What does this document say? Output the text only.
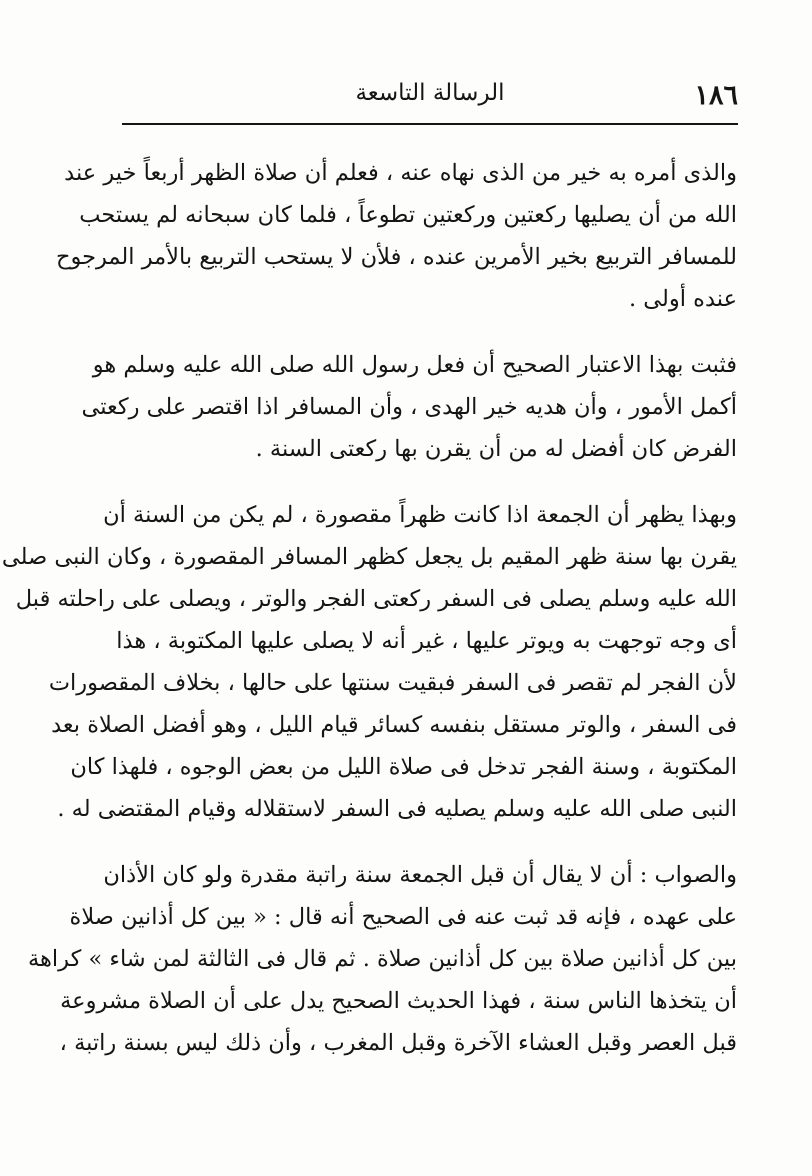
١٨٦
الرسالة التاسعة
والذى أمره به خير من الذى نهاه عنه ، فعلم أن صلاة الظهر أربعاً خير عند
الله من أن يصليها ركعتين وركعتين تطوعاً ، فلما كان سبحانه لم يستحب
للمسافر التربيع بخير الأمرين عنده ، فلأن لا يستحب التربيع بالأمر المرجوح
عنده أولى .
فثبت بهذا الاعتبار الصحيح أن فعل رسول الله صلى الله عليه وسلم هو
أكمل الأمور ، وأن هديه خير الهدى ، وأن المسافر اذا اقتصر على ركعتى
الفرض كان أفضل له من أن يقرن بها ركعتى السنة .
وبهذا يظهر أن الجمعة اذا كانت ظهراً مقصورة ، لم يكن من السنة أن
يقرن بها سنة ظهر المقيم بل يجعل كظهر المسافر المقصورة ، وكان النبى صلى
الله عليه وسلم يصلى فى السفر ركعتى الفجر والوتر ، ويصلى على راحلته قبل
أى وجه توجهت به ويوتر عليها ، غير أنه لا يصلى عليها المكتوبة ، هذا
لأن الفجر لم تقصر فى السفر فبقيت سنتها على حالها ، بخلاف المقصورات
فى السفر ، والوتر مستقل بنفسه كسائر قيام الليل ، وهو أفضل الصلاة بعد
المكتوبة ، وسنة الفجر تدخل فى صلاة الليل من بعض الوجوه ، فلهذا كان
النبى صلى الله عليه وسلم يصليه فى السفر لاستقلاله وقيام المقتضى له .
والصواب : أن لا يقال أن قبل الجمعة سنة راتبة مقدرة ولو كان الأذان
على عهده ، فإنه قد ثبت عنه فى الصحيح أنه قال : « بين كل أذانين صلاة
بين كل أذانين صلاة بين كل أذانين صلاة . ثم قال فى الثالثة لمن شاء » كراهة
أن يتخذها الناس سنة ، فهذا الحديث الصحيح يدل على أن الصلاة مشروعة
قبل العصر وقبل العشاء الآخرة وقبل المغرب ، وأن ذلك ليس بسنة راتبة ،
